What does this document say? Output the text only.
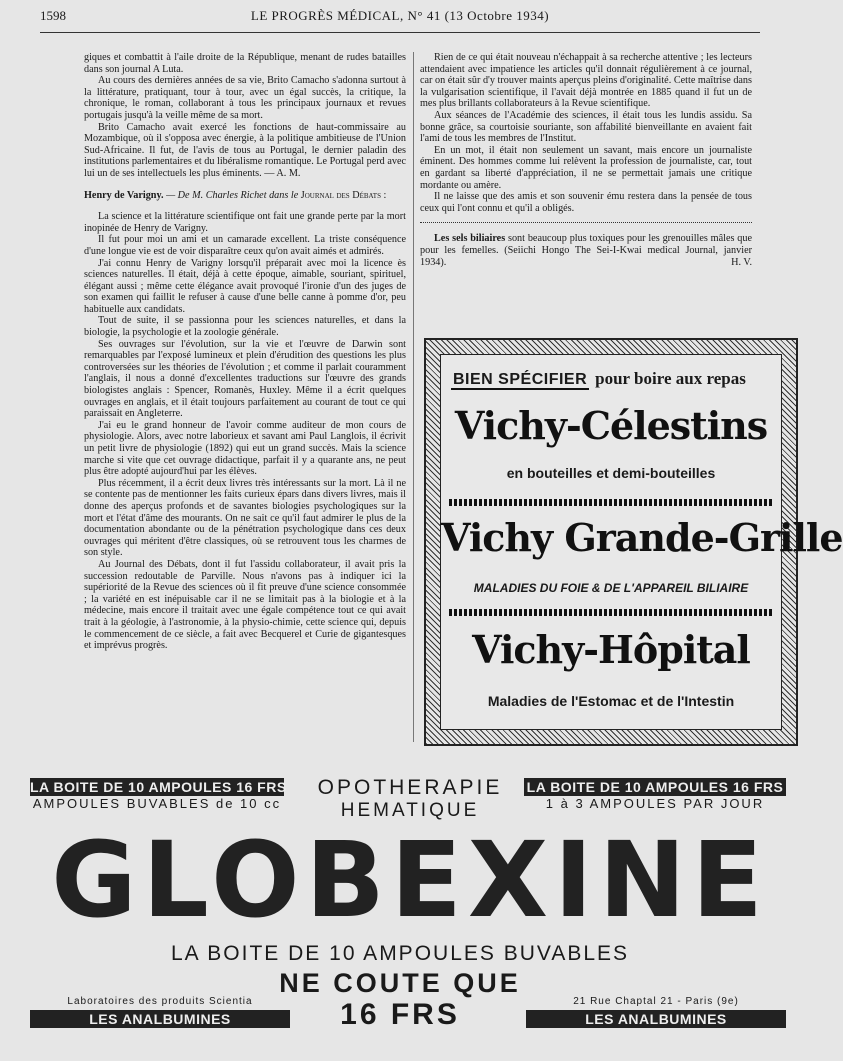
1598	LE PROGRÈS MÉDICAL, N° 41 (13 Octobre 1934)

giques et combattit à l'aile droite de la République, menant de rudes batailles dans son journal A Luta.

Au cours des dernières années de sa vie, Brito Camacho s'adonna surtout à la littérature, pratiquant, tour à tour, avec un égal succès, la critique, la chronique, le roman, collaborant à tous les principaux journaux et revues portugais jusqu'à la veille même de sa mort.

Brito Camacho avait exercé les fonctions de haut-commissaire au Mozambique, où il s'opposa avec énergie, à la politique ambitieuse de l'Union Sud-Africaine. Il fut, de l'avis de tous au Portugal, le dernier paladin des institutions parlementaires et du libéralisme romantique. Le Portugal perd avec lui un de ses intellectuels les plus éminents. — A. M.

Henry de Varigny. — De M. Charles Richet dans le Journal des Débats :

La science et la littérature scientifique ont fait une grande perte par la mort inopinée de Henry de Varigny.

Il fut pour moi un ami et un camarade excellent. La triste conséquence d'une longue vie est de voir disparaître ceux qu'on avait aimés et admirés.

J'ai connu Henry de Varigny lorsqu'il préparait avec moi la licence ès sciences naturelles. Il était, déjà à cette époque, aimable, souriant, spirituel, élégant aussi ; même cette élégance avait provoqué l'ironie d'un des juges de son examen qui faillit le refuser à cause d'une belle canne à pomme d'or, peu habituelle aux candidats.

Tout de suite, il se passionna pour les sciences naturelles, et dans la biologie, la psychologie et la zoologie générale.

Ses ouvrages sur l'évolution, sur la vie et l'œuvre de Darwin sont remarquables par l'exposé lumineux et plein d'érudition des questions les plus controversées sur les théories de l'évolution ; et comme il parlait couramment l'anglais, il nous a donné d'excellentes traductions sur l'œuvre des grands biologistes anglais : Spencer, Romanès, Huxley. Même il a écrit quelques ouvrages en anglais, et il était toujours parfaitement au courant de tout ce qui paraissait en Angleterre.

J'ai eu le grand honneur de l'avoir comme auditeur de mon cours de physiologie. Alors, avec notre laborieux et savant ami Paul Langlois, il écrivit un petit livre de physiologie (1892) qui eut un grand succès. Mais la science marche si vite que cet ouvrage didactique, parfait il y a quarante ans, ne peut plus être adopté aujourd'hui par les élèves.

Plus récemment, il a écrit deux livres très intéressants sur la mort. Là il ne se contente pas de mentionner les faits curieux épars dans divers livres, mais il donne des aperçus profonds et de savantes biologies psychologiques sur la mort et l'état d'âme des mourants. On ne sait ce qu'il faut admirer le plus de la documentation abondante ou de la pénétration psychologique dans ces deux ouvrages qui méritent d'être classiques, où se retrouvent tous les charmes de son style.

Au Journal des Débats, dont il fut l'assidu collaborateur, il avait pris la succession redoutable de Parville. Nous n'avons pas à indiquer ici la supériorité de la Revue des sciences où il fit preuve d'une science consommée ; la variété en est inépuisable car il ne se limitait pas à la biologie et à la médecine, mais encore il traitait avec une égale compétence tout ce qui avait trait à la géologie, à l'astronomie, à la physio-chimie, cette science qui, depuis le commencement de ce siècle, a fait avec Becquerel et Curie de gigantesques et imprévus progrès.

Rien de ce qui était nouveau n'échappait à sa recherche attentive ; les lecteurs attendaient avec impatience les articles qu'il donnait régulièrement à ce journal, car on était sûr d'y trouver maints aperçus pleins d'originalité. Cette maîtrise dans la vulgarisation scientifique, il l'avait déjà montrée en 1885 quand il fut un de mes plus brillants collaborateurs à la Revue scientifique.

Aux séances de l'Académie des sciences, il était tous les lundis assidu. Sa bonne grâce, sa courtoisie souriante, son affabilité bienveillante en avaient fait l'ami de tous les membres de l'Institut.

En un mot, il était non seulement un savant, mais encore un journaliste éminent. Des hommes comme lui relèvent la profession de journaliste, car, tout en gardant sa liberté d'appréciation, il ne se permettait jamais une critique mordante ou amère.

Il ne laisse que des amis et son souvenir ému restera dans la pensée de tous ceux qui l'ont connu et qu'il a obligés.

Les sels biliaires sont beaucoup plus toxiques pour les grenouilles mâles que pour les femelles. (Seiichi Hongo The Sei-I-Kwai medical Journal, janvier 1934).	H. V.

BIEN SPÉCIFIER pour boire aux repas
Vichy-Célestins
en bouteilles et demi-bouteilles
Vichy Grande-Grille
MALADIES DU FOIE & DE L'APPAREIL BILIAIRE
Vichy-Hôpital
Maladies de l'Estomac et de l'Intestin
LA BOITE DE 10 AMPOULES 16 FRS
AMPOULES BUVABLES de 10 cc
OPOTHERAPIE
HEMATIQUE
LA BOITE DE 10 AMPOULES 16 FRS
1 à 3 AMPOULES PAR JOUR
GLOBEXINE
LA BOITE DE 10 AMPOULES BUVABLES
NE COUTE QUE
16 FRS
Laboratoires des produits Scientia	21 Rue Chaptal 21 - Paris (9e)
LES ANALBUMINES	LES ANALBUMINES
